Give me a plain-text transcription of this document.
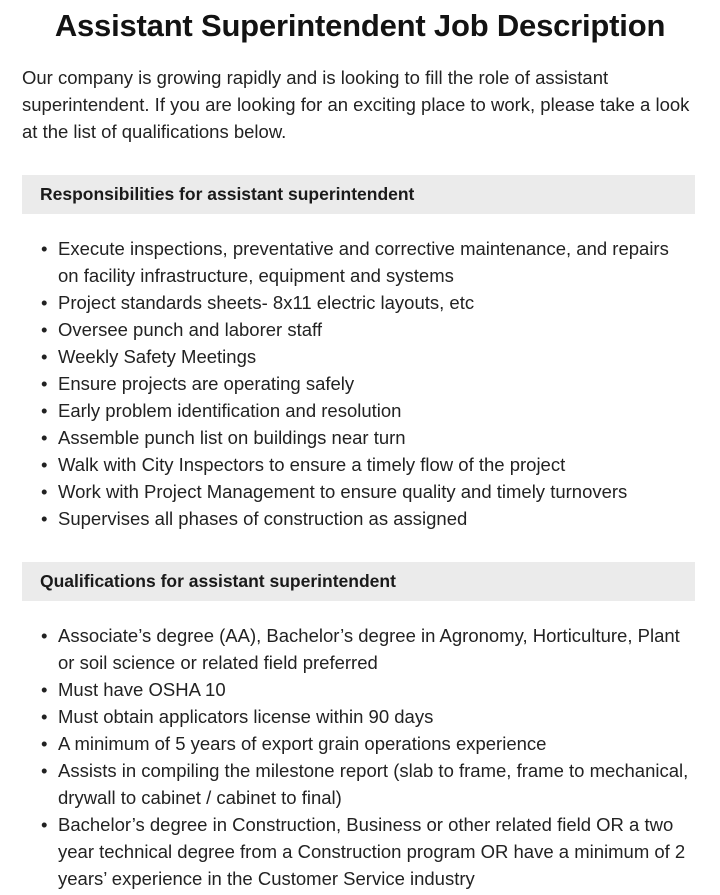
Assistant Superintendent Job Description

Our company is growing rapidly and is looking to fill the role of assistant superintendent. If you are looking for an exciting place to work, please take a look at the list of qualifications below.

Responsibilities for assistant superintendent
• Execute inspections, preventative and corrective maintenance, and repairs on facility infrastructure, equipment and systems
• Project standards sheets- 8x11 electric layouts, etc
• Oversee punch and laborer staff
• Weekly Safety Meetings
• Ensure projects are operating safely
• Early problem identification and resolution
• Assemble punch list on buildings near turn
• Walk with City Inspectors to ensure a timely flow of the project
• Work with Project Management to ensure quality and timely turnovers
• Supervises all phases of construction as assigned
Qualifications for assistant superintendent
• Associate’s degree (AA), Bachelor’s degree in Agronomy, Horticulture, Plant or soil science or related field preferred
• Must have OSHA 10
• Must obtain applicators license within 90 days
• A minimum of 5 years of export grain operations experience
• Assists in compiling the milestone report (slab to frame, frame to mechanical, drywall to cabinet / cabinet to final)
• Bachelor’s degree in Construction, Business or other related field OR a two year technical degree from a Construction program OR have a minimum of 2 years’ experience in the Customer Service industry
